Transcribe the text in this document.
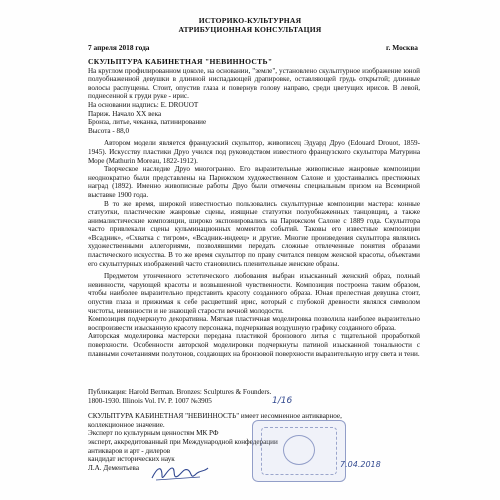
ИСТОРИКО-КУЛЬТУРНАЯ
АТРИБУЦИОННАЯ КОНСУЛЬТАЦИЯ
7 апреля 2018 года	г. Москва

СКУЛЬПТУРА КАБИНЕТНАЯ "НЕВИННОСТЬ"

На круглом профилированном цоколе, на основании, "земле", установлено скульптурное изображение юной полуобнаженной девушки в длинной ниспадающей драпировке, оставляющей грудь открытой; длинные волосы распущены. Стоит, опустив глаза и повернув голову направо, среди цветущих ирисов. В левой, поднесенной к груди руке - ирис.

На основании надпись: E. DROUOT

Париж. Начало XX века

Бронза, литье, чеканка, патинирование

Высота - 88,0

Автором модели является французский скульптор, живописец Эдуард Друо (Edouard Drouot, 1859-1945). Искусству пластики Друо учился под руководством известного французского скульптора Матурина Море (Mathurin Moreau, 1822-1912).

Творческое наследие Друо многогранно. Его выразительные живописные жанровые композиции неоднократно были представлены на Парижском художественном Салоне и удостаивались престижных наград (1892). Именно живописные работы Друо были отмечены специальным призом на Всемирной выставке 1900 года.

В то же время, широкой известностью пользовались скульптурные композиции мастера: конные статуэтки, пластические жанровые сцены, изящные статуэтки полуобнаженных танцовщиц, а также анималистические композиции, широко экспонировались на Парижском Салоне с 1889 года. Скульптора часто привлекали сцены кульминационных моментов событий. Таковы его известные композиции «Всадник», «Схватка с тигром», «Всадник-индеец» и другие. Многие произведения скульптора являлись художественными аллегориями, позволявшими передать сложные отвлеченные понятия образами пластического искусства. В то же время скульптор по праву считался певцом женской красоты, объектами его скульптурных изображений часто становились пленительные женские образы.

Предметом утонченного эстетического любования выбран изысканный женский образ, полный невинности, чарующей красоты и возвышенной чувственности. Композиция построена таким образом, чтобы наиболее выразительно представить красоту созданного образа. Юная прелестная девушка стоит, опустив глаза и прижимая к себе расцветший ирис, который с глубокой древности являлся символом чистоты, невинности и не знающей старости вечной молодости.

Композиция подчеркнуто декоративна. Мягкая пластичная моделировка позволила наиболее выразительно воспроизвести изысканную красоту персонажа, подчеркивая воздушную графику созданного образа.

Авторская моделировка мастерски передана пластикой бронзового литья с тщательной проработкой поверхности. Особенности авторской моделировки подчеркнуты патиной изысканной тональности с плавными сочетаниями полутонов, создающих на бронзовой поверхности выразительную игру света и тени.

Публикация: Harold Berman. Bronzes: Sculptures & Founders.

1800-1930. Illinois Vol. IV. P. 1007 №3905

СКУЛЬПТУРА КАБИНЕТНАЯ "НЕВИННОСТЬ" имеет несомненное антикварное,

коллекционное значение.

Эксперт по культурным ценностям МК РФ

эксперт, аккредитованный при Международной конфедерации

антикваров и арт - дилеров

кандидат исторических наук

Л.А. Дементьева

1/16
7.04.2018
